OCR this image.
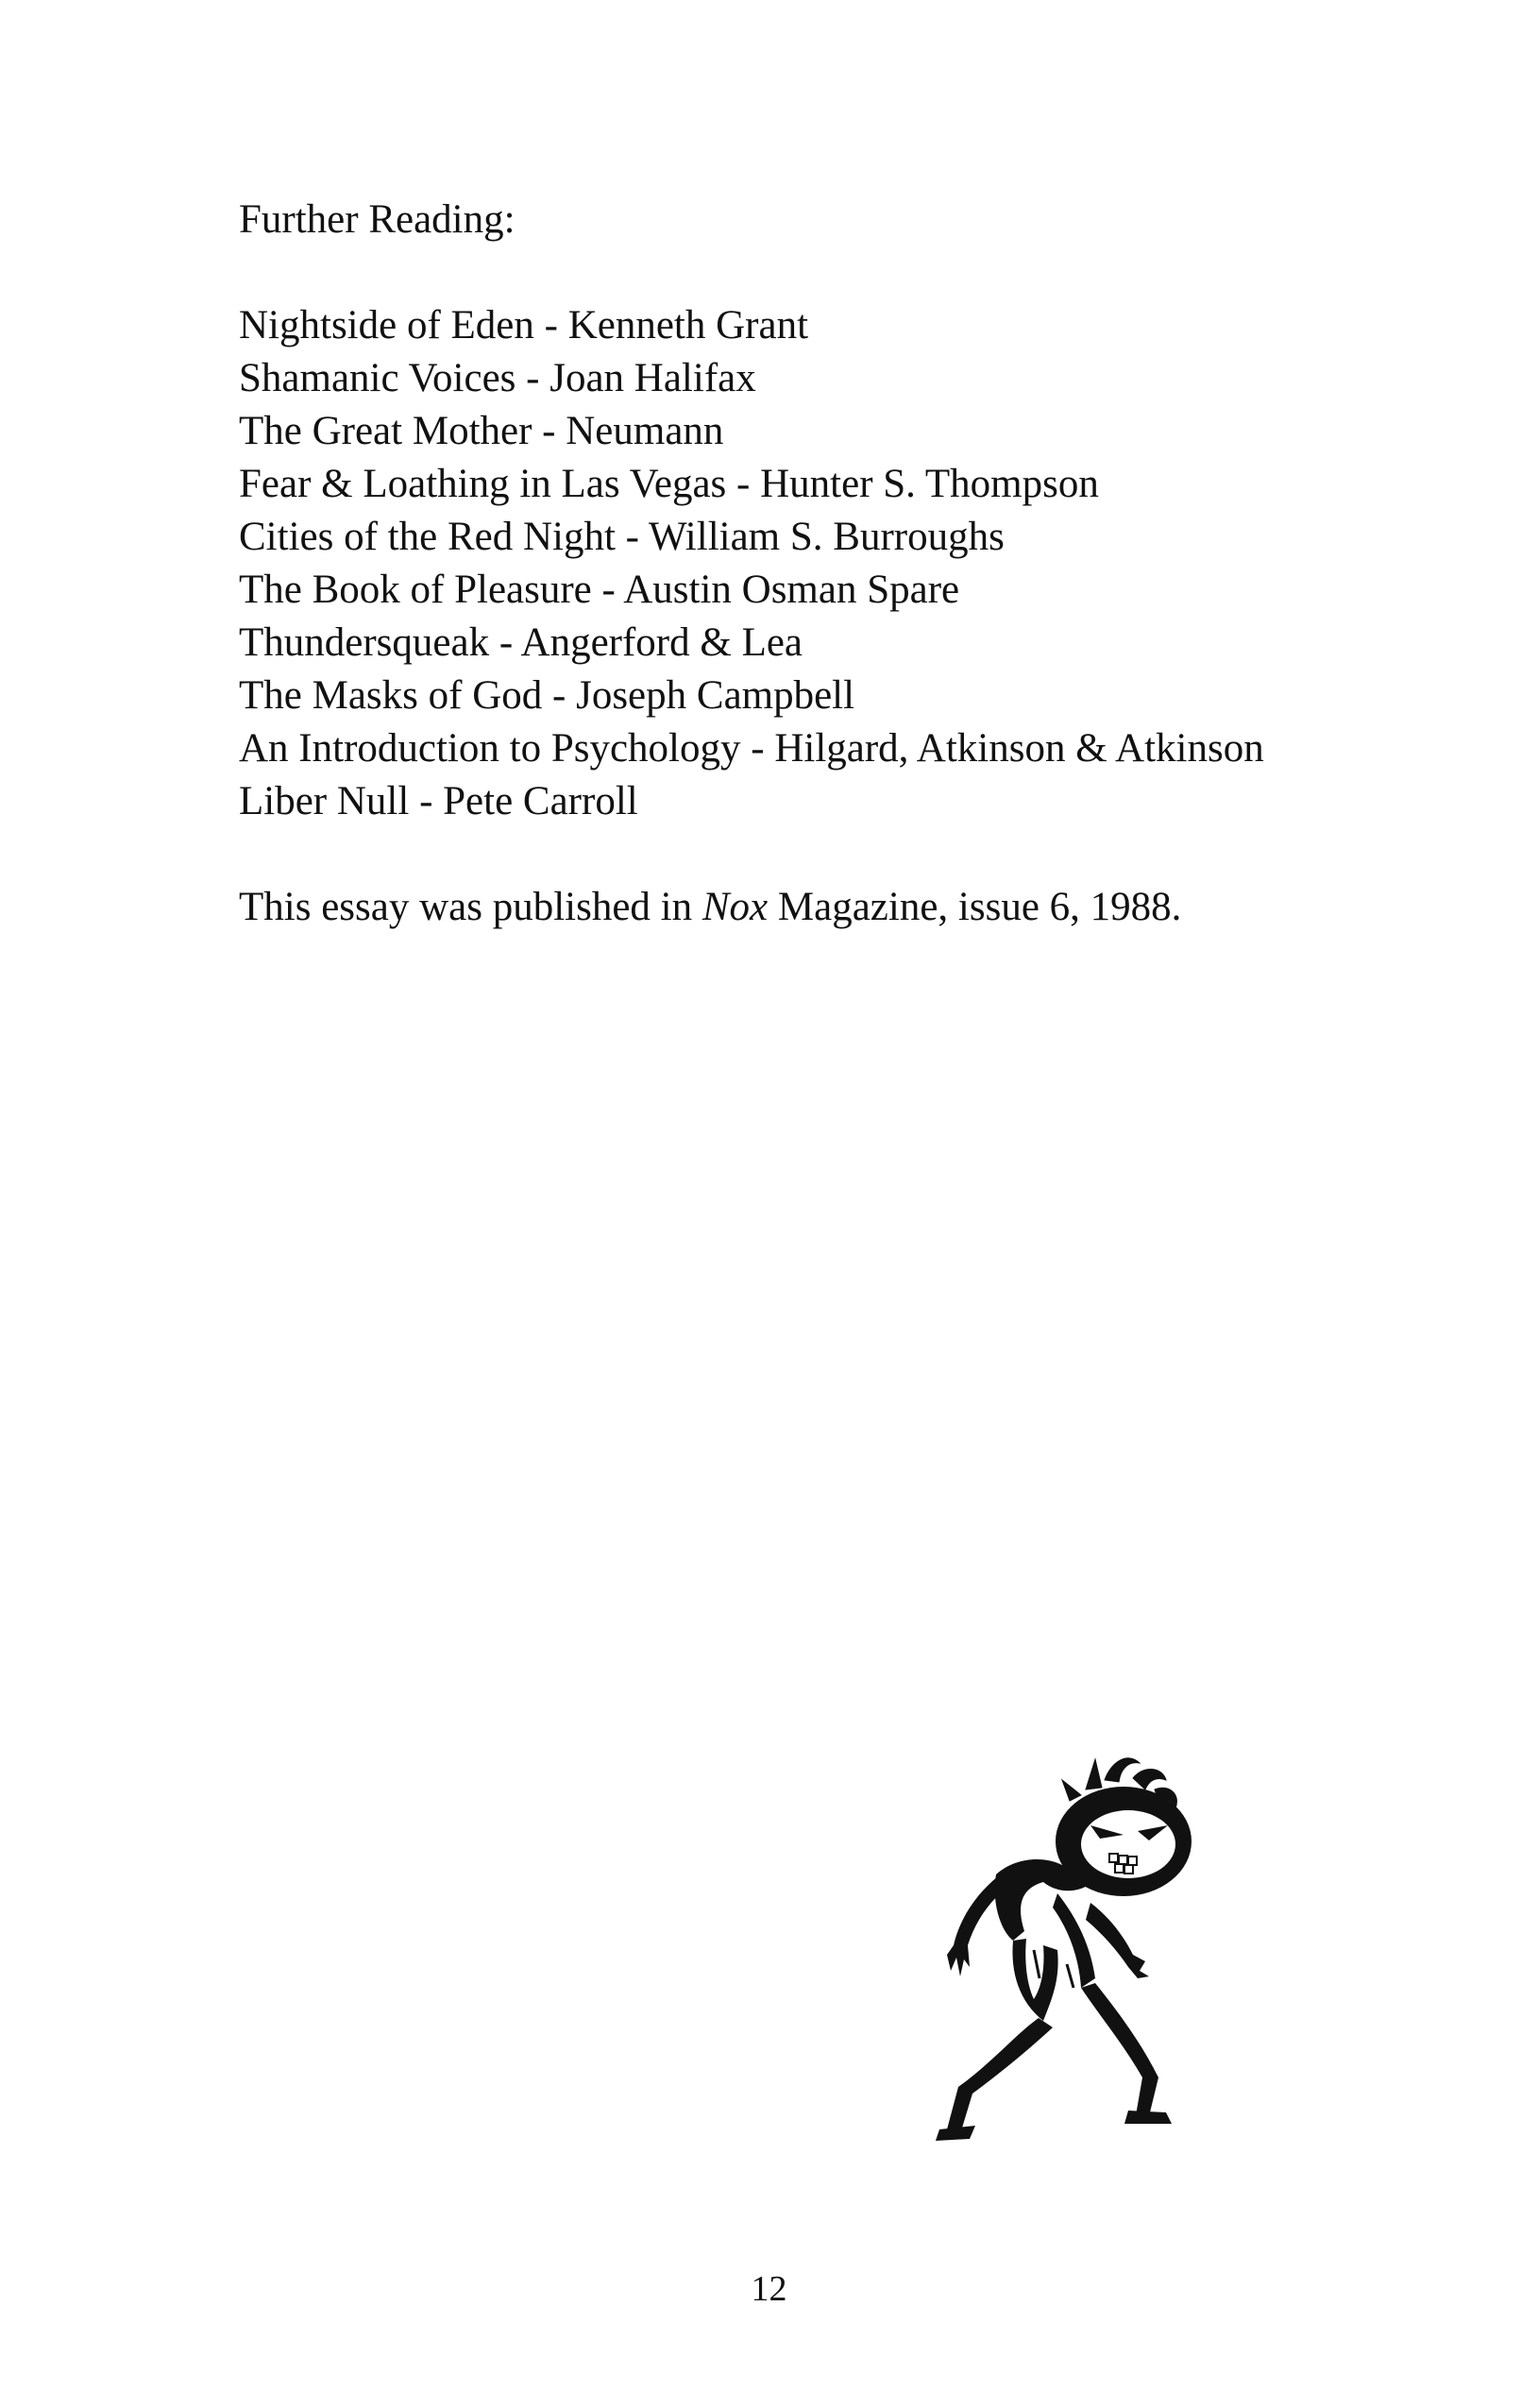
Further Reading:

Nightside of Eden - Kenneth Grant
Shamanic Voices - Joan Halifax
The Great Mother - Neumann
Fear & Loathing in Las Vegas - Hunter S. Thompson
Cities of the Red Night - William S. Burroughs
The Book of Pleasure - Austin Osman Spare
Thundersqueak - Angerford & Lea
The Masks of God - Joseph Campbell
An Introduction to Psychology - Hilgard, Atkinson & Atkinson
Liber Null - Pete Carroll

This essay was published in Nox Magazine, issue 6, 1988.

12
